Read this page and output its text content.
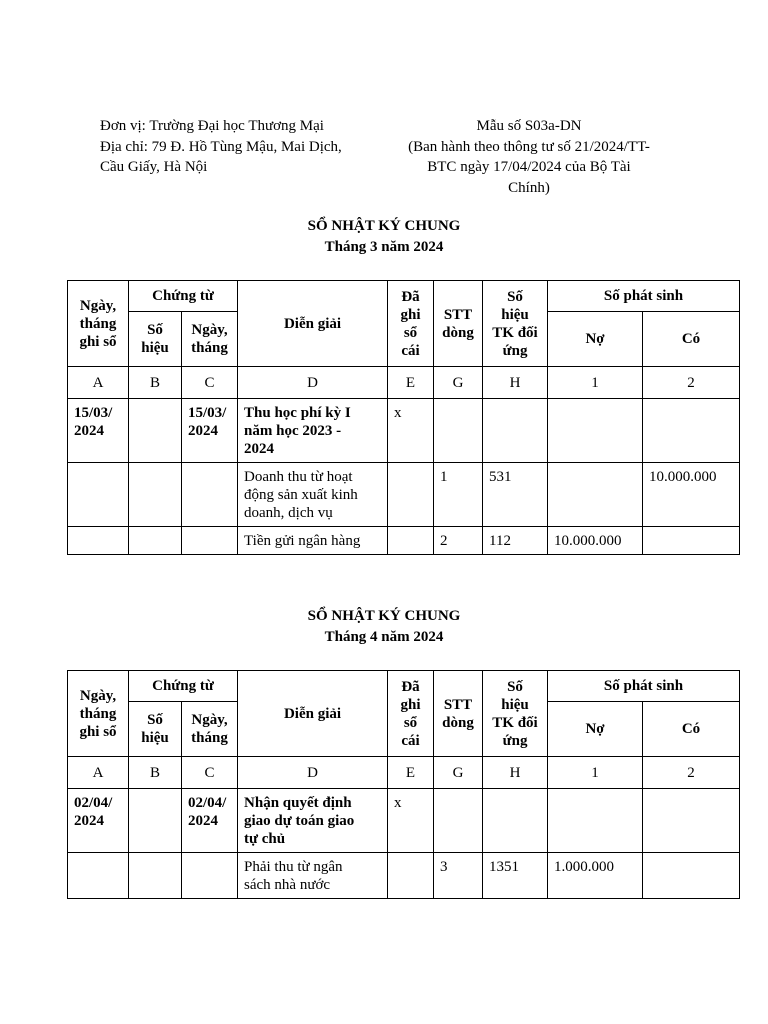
Đơn vị: Trường Đại học Thương Mại
Địa chỉ: 79 Đ. Hồ Tùng Mậu, Mai Dịch,
Cầu Giấy, Hà Nội
Mẫu số S03a-DN
(Ban hành theo thông tư số 21/2024/TT-
BTC ngày 17/04/2024 của Bộ Tài
Chính)
SỔ NHẬT KÝ CHUNG
Tháng 3 năm 2024
Ngày,
tháng
ghi sổ	Chứng từ		Diễn giải	Đã
ghi
sổ
cái	STT
dòng	Số
hiệu
TK đối
ứng	Số phát sinh	
	Số
hiệu	Ngày,
tháng					Nợ	Có
A	B	C	D	E	G	H	1	2
15/03/
2024		15/03/
2024	Thu học phí kỳ I
năm học 2023 -
2024	x				
			Doanh thu từ hoạt
động sản xuất kinh
doanh, dịch vụ		1	531		10.000.000
			Tiền gửi ngân hàng		2	112	10.000.000	
SỔ NHẬT KÝ CHUNG
Tháng 4 năm 2024
Ngày,
tháng
ghi sổ	Chứng từ		Diễn giải	Đã
ghi
sổ
cái	STT
dòng	Số
hiệu
TK đối
ứng	Số phát sinh	
	Số
hiệu	Ngày,
tháng					Nợ	Có
A	B	C	D	E	G	H	1	2
02/04/
2024		02/04/
2024	Nhận quyết định
giao dự toán giao
tự chủ	x				
			Phải thu từ ngân
sách nhà nước		3	1351	1.000.000	
